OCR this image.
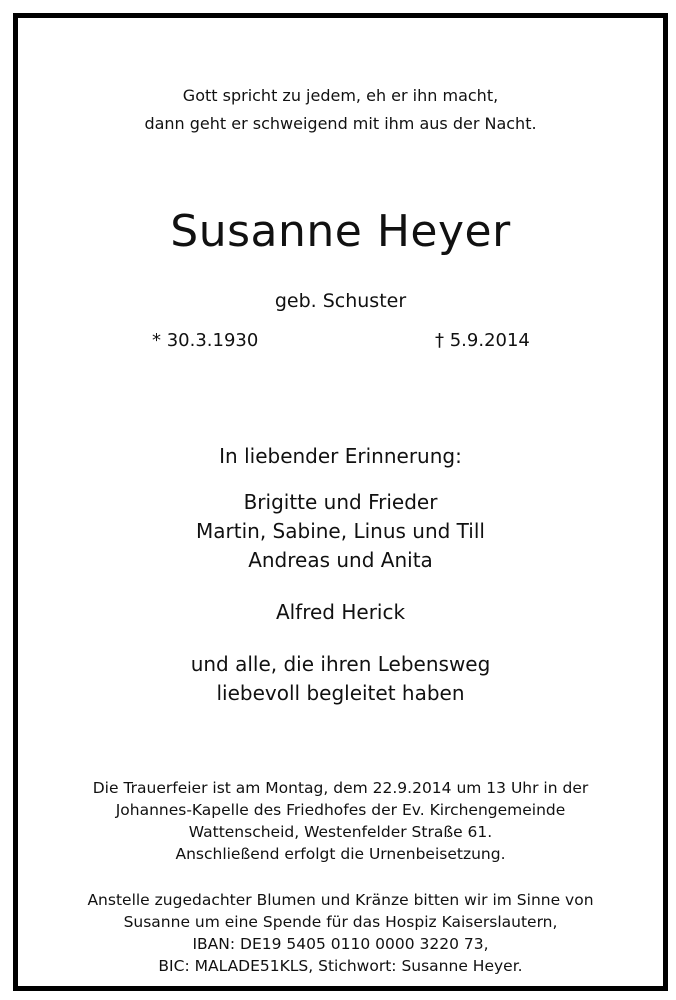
Gott spricht zu jedem, eh er ihn macht,
dann geht er schweigend mit ihm aus der Nacht.
Susanne Heyer
geb. Schuster
* 30.3.1930	† 5.9.2014
In liebender Erinnerung:
Brigitte und Frieder
Martin, Sabine, Linus und Till
Andreas und Anita
Alfred Herick
und alle, die ihren Lebensweg
liebevoll begleitet haben
Die Trauerfeier ist am Montag, dem 22.9.2014 um 13 Uhr in der
Johannes-Kapelle des Friedhofes der Ev. Kirchengemeinde
Wattenscheid, Westenfelder Straße 61.
Anschließend erfolgt die Urnenbeisetzung.
Anstelle zugedachter Blumen und Kränze bitten wir im Sinne von
Susanne um eine Spende für das Hospiz Kaiserslautern,
IBAN: DE19 5405 0110 0000 3220 73,
BIC: MALADE51KLS, Stichwort: Susanne Heyer.
